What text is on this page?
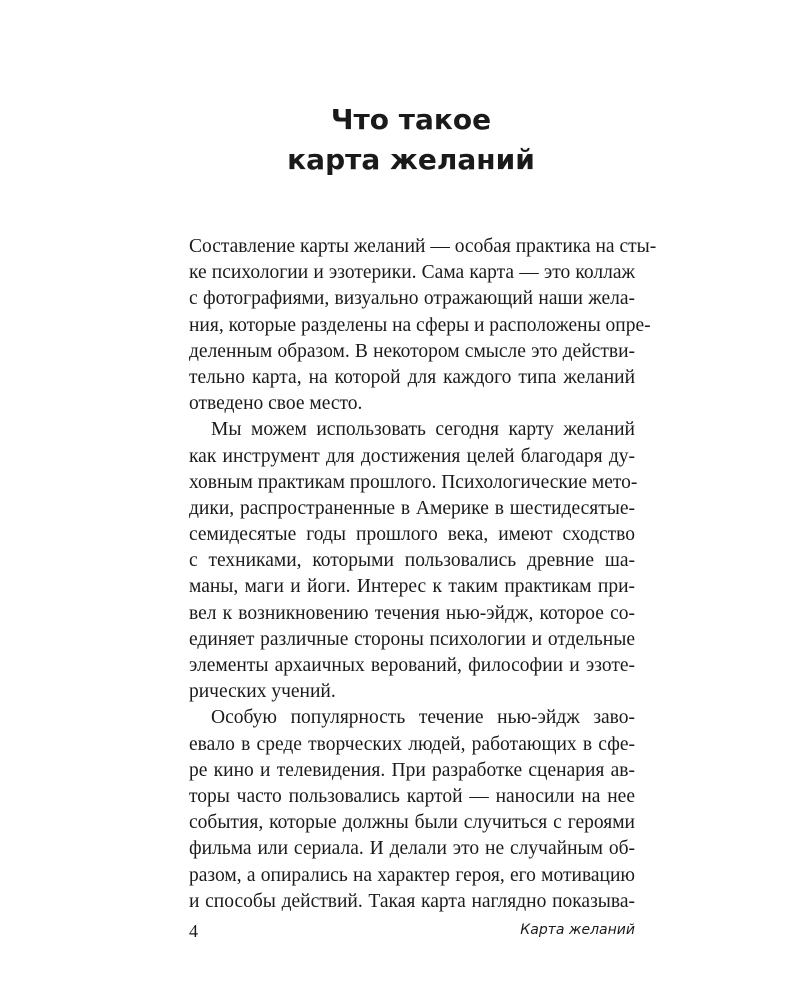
Что такое
карта желаний
Составление карты желаний — особая практика на сты-
ке психологии и эзотерики. Сама карта — это коллаж
с фотографиями, визуально отражающий наши жела-
ния, которые разделены на сферы и расположены опре-
деленным образом. В некотором смысле это действи-
тельно карта, на которой для каждого типа желаний
отведено свое место.
Мы можем использовать сегодня карту желаний
как инструмент для достижения целей благодаря ду-
ховным практикам прошлого. Психологические мето-
дики, распространенные в Америке в шестидесятые-
семидесятые годы прошлого века, имеют сходство
с техниками, которыми пользовались древние ша-
маны, маги и йоги. Интерес к таким практикам при-
вел к возникновению течения нью-эйдж, которое со-
единяет различные стороны психологии и отдельные
элементы архаичных верований, философии и эзоте-
рических учений.
Особую популярность течение нью-эйдж заво-
евало в среде творческих людей, работающих в сфе-
ре кино и телевидения. При разработке сценария ав-
торы часто пользовались картой — наносили на нее
события, которые должны были случиться с героями
фильма или сериала. И делали это не случайным об-
разом, а опирались на характер героя, его мотивацию
и способы действий. Такая карта наглядно показыва-
4	Карта желаний
